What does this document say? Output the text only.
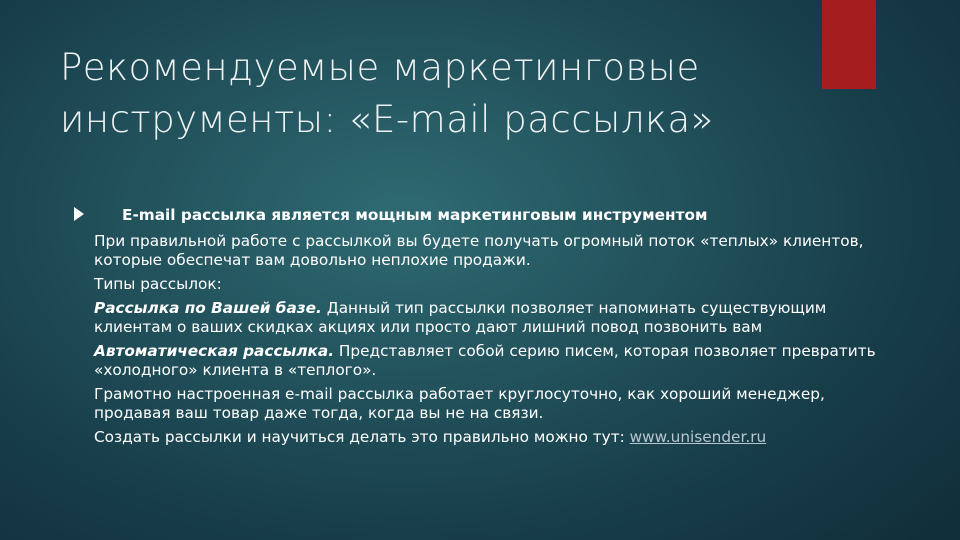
Рекомендуемые маркетинговые инструменты: «E-mail рассылка»
E-mail рассылка является мощным маркетинговым инструментом

При правильной работе с рассылкой вы будете получать огромный поток «теплых» клиентов, которые обеспечат вам довольно неплохие продажи.

Типы рассылок:

Рассылка по Вашей базе. Данный тип рассылки позволяет напоминать существующим клиентам о ваших скидках акциях или просто дают лишний повод позвонить вам

Автоматическая рассылка. Представляет собой серию писем, которая позволяет превратить «холодного» клиента в «теплого».

Грамотно настроенная e-mail рассылка работает круглосуточно, как хороший менеджер, продавая ваш товар даже тогда, когда вы не на связи.

Создать рассылки и научиться делать это правильно можно тут: www.unisender.ru
